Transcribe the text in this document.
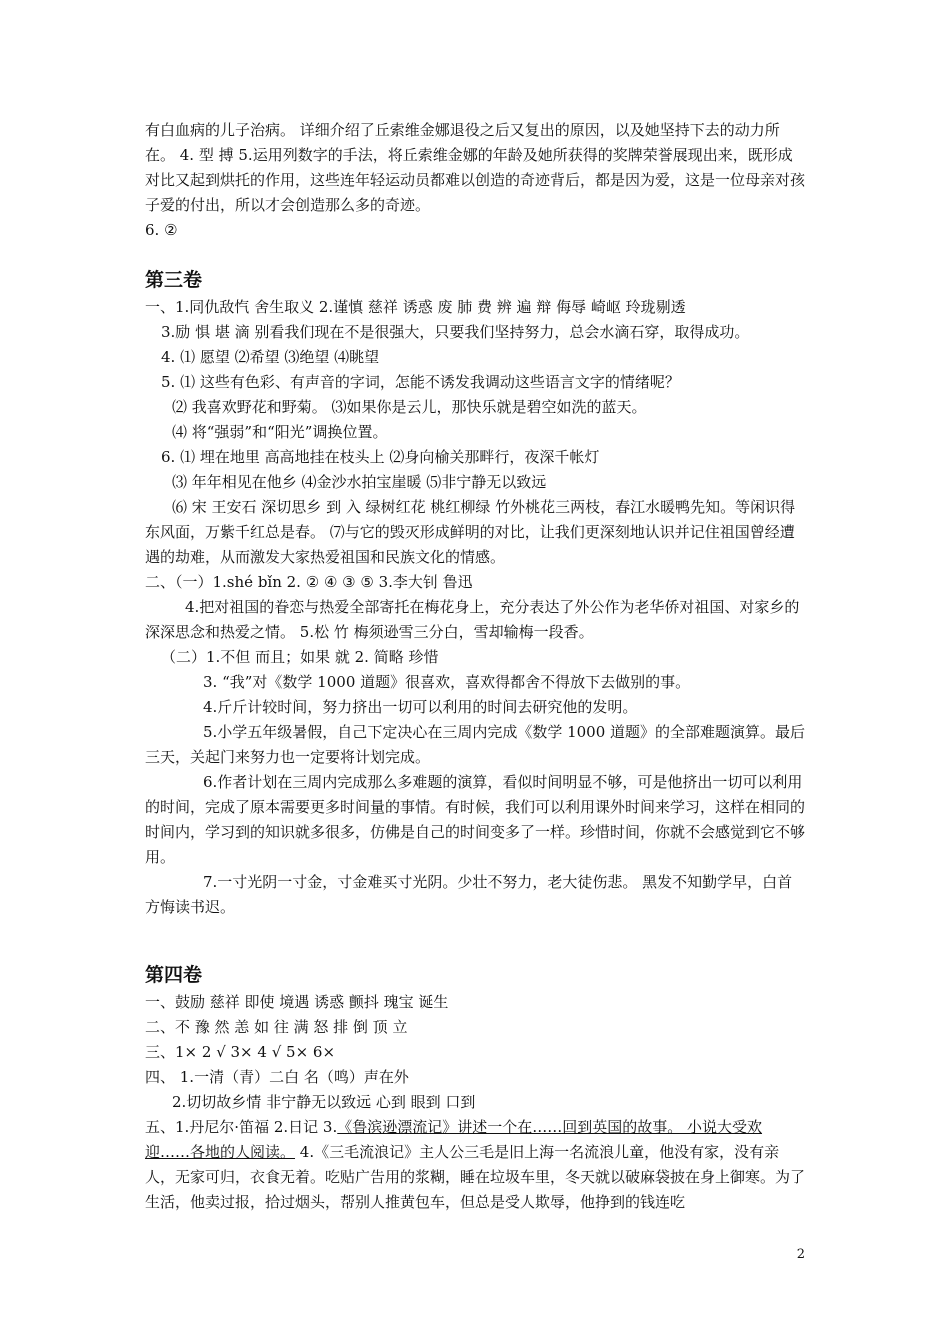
有白血病的儿子治病。 详细介绍了丘索维金娜退役之后又复出的原因，以及她坚持下去的动力所在。 4. 型 搏 5.运用列数字的手法，将丘索维金娜的年龄及她所获得的奖牌荣誉展现出来，既形成对比又起到烘托的作用，这些连年轻运动员都难以创造的奇迹背后，都是因为爱，这是一位母亲对孩子爱的付出，所以才会创造那么多的奇迹。

6. ②

第三卷

一、1.同仇敌忾 舍生取义 2.谨慎 慈祥 诱惑 废 肺 费 辨 遍 辩 侮辱 崎岖 玲珑剔透

3.励 惧 堪 滴 别看我们现在不是很强大，只要我们坚持努力，总会水滴石穿，取得成功。

4. ⑴ 愿望 ⑵希望 ⑶绝望 ⑷眺望

5. ⑴ 这些有色彩、有声音的字词，怎能不诱发我调动这些语言文字的情绪呢？

⑵ 我喜欢野花和野菊。 ⑶如果你是云儿，那快乐就是碧空如洗的蓝天。

⑷ 将“强弱”和“阳光”调换位置。

6. ⑴ 埋在地里 高高地挂在枝头上 ⑵身向榆关那畔行，夜深千帐灯

⑶ 年年相见在他乡 ⑷金沙水拍宝崖暖 ⑸非宁静无以致远

⑹ 宋 王安石 深切思乡 到 入 绿树红花 桃红柳绿 竹外桃花三两枝，春江水暖鸭先知。等闲识得东风面，万紫千红总是春。 ⑺与它的毁灭形成鲜明的对比，让我们更深刻地认识并记住祖国曾经遭遇的劫难，从而激发大家热爱祖国和民族文化的情感。

二、（一）1.shé bǐn 2. ② ④ ③ ⑤ 3.李大钊 鲁迅

4.把对祖国的眷恋与热爱全部寄托在梅花身上，充分表达了外公作为老华侨对祖国、对家乡的深深思念和热爱之情。 5.松 竹 梅须逊雪三分白，雪却输梅一段香。

（二）1.不但 而且；如果 就 2. 简略 珍惜

3. “我”对《数学 1000 道题》很喜欢，喜欢得都舍不得放下去做别的事。

4.斤斤计较时间，努力挤出一切可以利用的时间去研究他的发明。

5.小学五年级暑假，自己下定决心在三周内完成《数学 1000 道题》的全部难题演算。最后三天，关起门来努力也一定要将计划完成。

6.作者计划在三周内完成那么多难题的演算，看似时间明显不够，可是他挤出一切可以利用的时间，完成了原本需要更多时间量的事情。有时候，我们可以利用课外时间来学习，这样在相同的时间内，学习到的知识就多很多，仿佛是自己的时间变多了一样。珍惜时间，你就不会感觉到它不够用。

7.一寸光阴一寸金，寸金难买寸光阴。少壮不努力，老大徒伤悲。 黑发不知勤学早，白首方悔读书迟。

第四卷

一、鼓励 慈祥 即使 境遇 诱惑 颤抖 瑰宝 诞生

二、不 豫 然 恙 如 往 满 怒 排 倒 顶 立

三、1× 2 √ 3× 4 √ 5× 6×

四、 1.一清（青）二白 名（鸣）声在外

2.切切故乡情 非宁静无以致远 心到 眼到 口到

五、1.丹尼尔·笛福 2.日记 3.《鲁滨逊漂流记》讲述一个在……回到英国的故事。 小说大受欢迎……各地的人阅读。 4.《三毛流浪记》主人公三毛是旧上海一名流浪儿童，他没有家，没有亲人，无家可归，衣食无着。吃贴广告用的浆糊，睡在垃圾车里，冬天就以破麻袋披在身上御寒。为了生活，他卖过报，拾过烟头，帮别人推黄包车，但总是受人欺辱，他挣到的钱连吃

2
